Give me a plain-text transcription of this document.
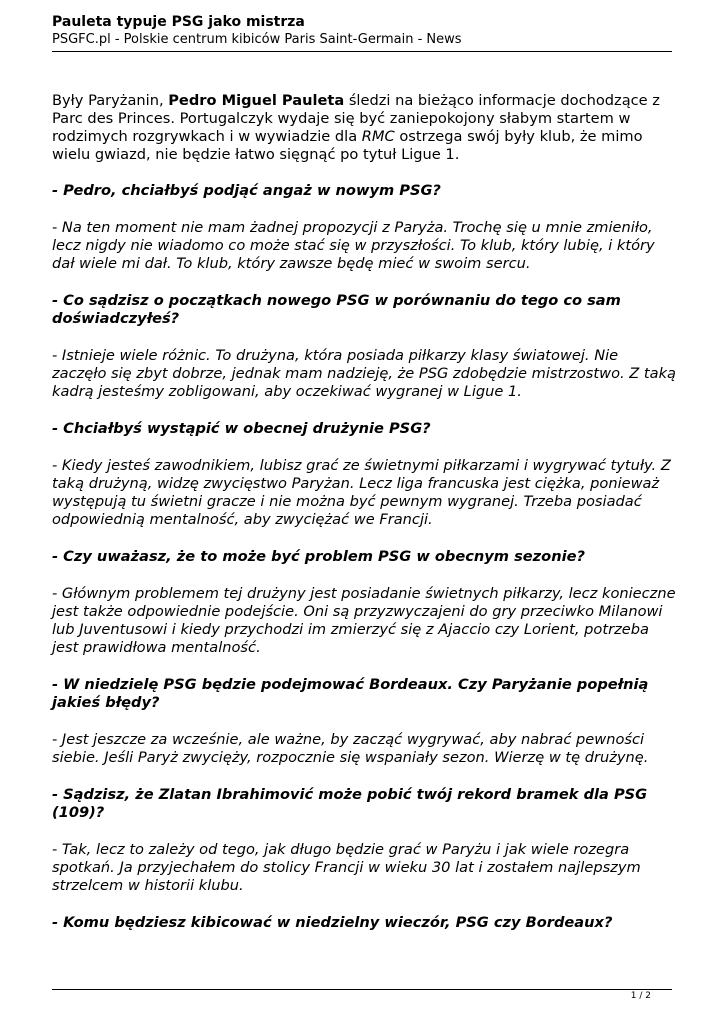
Pauleta typuje PSG jako mistrza
PSGFC.pl - Polskie centrum kibiców Paris Saint-Germain - News

Były Paryżanin, Pedro Miguel Pauleta śledzi na bieżąco informacje dochodzące z Parc des Princes. Portugalczyk wydaje się być zaniepokojony słabym startem w rodzimych rozgrywkach i w wywiadzie dla RMC ostrzega swój były klub, że mimo wielu gwiazd, nie będzie łatwo sięgnąć po tytuł Ligue 1.

- Pedro, chciałbyś podjąć angaż w nowym PSG?

- Na ten moment nie mam żadnej propozycji z Paryża. Trochę się u mnie zmieniło, lecz nigdy nie wiadomo co może stać się w przyszłości. To klub, który lubię, i który dał wiele mi dał. To klub, który zawsze będę mieć w swoim sercu.

- Co sądzisz o początkach nowego PSG w porównaniu do tego co sam doświadczyłeś?

- Istnieje wiele różnic. To drużyna, która posiada piłkarzy klasy światowej. Nie zaczęło się zbyt dobrze, jednak mam nadzieję, że PSG zdobędzie mistrzostwo. Z taką kadrą jesteśmy zobligowani, aby oczekiwać wygranej w Ligue 1.

- Chciałbyś wystąpić w obecnej drużynie PSG?

- Kiedy jesteś zawodnikiem, lubisz grać ze świetnymi piłkarzami i wygrywać tytuły. Z taką drużyną, widzę zwycięstwo Paryżan. Lecz liga francuska jest ciężka, ponieważ występują tu świetni gracze i nie można być pewnym wygranej. Trzeba posiadać odpowiednią mentalność, aby zwyciężać we Francji.

- Czy uważasz, że to może być problem PSG w obecnym sezonie?

- Głównym problemem tej drużyny jest posiadanie świetnych piłkarzy, lecz konieczne jest także odpowiednie podejście. Oni są przyzwyczajeni do gry przeciwko Milanowi lub Juventusowi i kiedy przychodzi im zmierzyć się z Ajaccio czy Lorient, potrzeba jest prawidłowa mentalność.

- W niedzielę PSG będzie podejmować Bordeaux. Czy Paryżanie popełnią jakieś błędy?

- Jest jeszcze za wcześnie, ale ważne, by zacząć wygrywać, aby nabrać pewności siebie. Jeśli Paryż zwycięży, rozpocznie się wspaniały sezon. Wierzę w tę drużynę.

- Sądzisz, że Zlatan Ibrahimović może pobić twój rekord bramek dla PSG (109)?

- Tak, lecz to zależy od tego, jak długo będzie grać w Paryżu i jak wiele rozegra spotkań. Ja przyjechałem do stolicy Francji w wieku 30 lat i zostałem najlepszym strzelcem w historii klubu.

- Komu będziesz kibicować w niedzielny wieczór, PSG czy Bordeaux?

1 / 2
